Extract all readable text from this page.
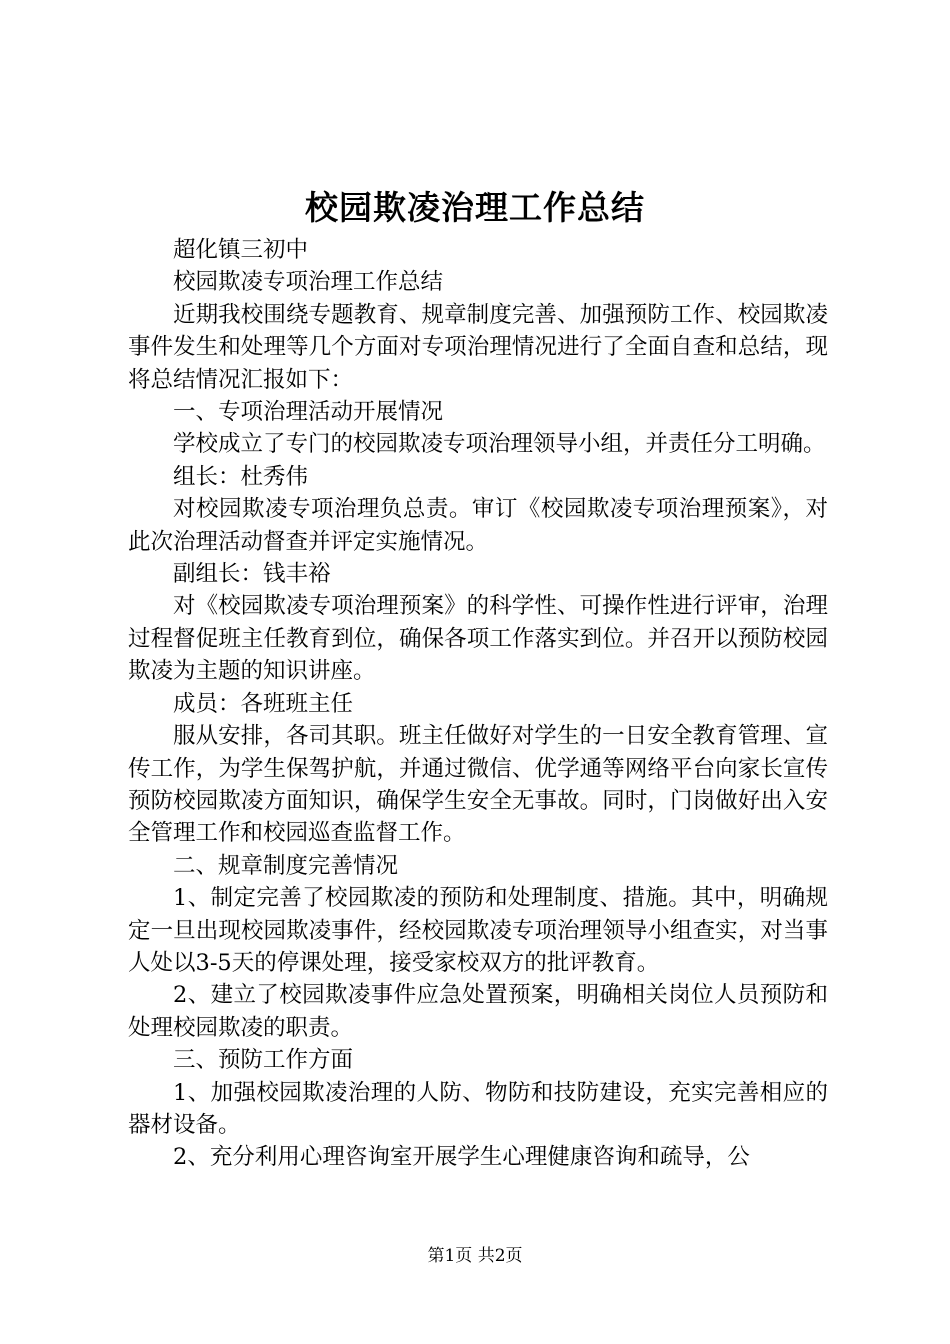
校园欺凌治理工作总结

超化镇三初中

校园欺凌专项治理工作总结

近期我校围绕专题教育、规章制度完善、加强预防工作、校园欺凌事件发生和处理等几个方面对专项治理情况进行了全面自查和总结，现将总结情况汇报如下：

一、专项治理活动开展情况

学校成立了专门的校园欺凌专项治理领导小组，并责任分工明确。

组长：杜秀伟

对校园欺凌专项治理负总责。审订《校园欺凌专项治理预案》，对此次治理活动督查并评定实施情况。

副组长：钱丰裕

对《校园欺凌专项治理预案》的科学性、可操作性进行评审，治理过程督促班主任教育到位，确保各项工作落实到位。并召开以预防校园欺凌为主题的知识讲座。

成员：各班班主任

服从安排，各司其职。班主任做好对学生的一日安全教育管理、宣传工作，为学生保驾护航，并通过微信、优学通等网络平台向家长宣传预防校园欺凌方面知识，确保学生安全无事故。同时，门岗做好出入安全管理工作和校园巡查监督工作。

二、规章制度完善情况

1、制定完善了校园欺凌的预防和处理制度、措施。其中，明确规定一旦出现校园欺凌事件，经校园欺凌专项治理领导小组查实，对当事人处以3-5天的停课处理，接受家校双方的批评教育。

2、建立了校园欺凌事件应急处置预案，明确相关岗位人员预防和处理校园欺凌的职责。

三、预防工作方面

1、加强校园欺凌治理的人防、物防和技防建设，充实完善相应的器材设备。

2、充分利用心理咨询室开展学生心理健康咨询和疏导，公

第1页 共2页
